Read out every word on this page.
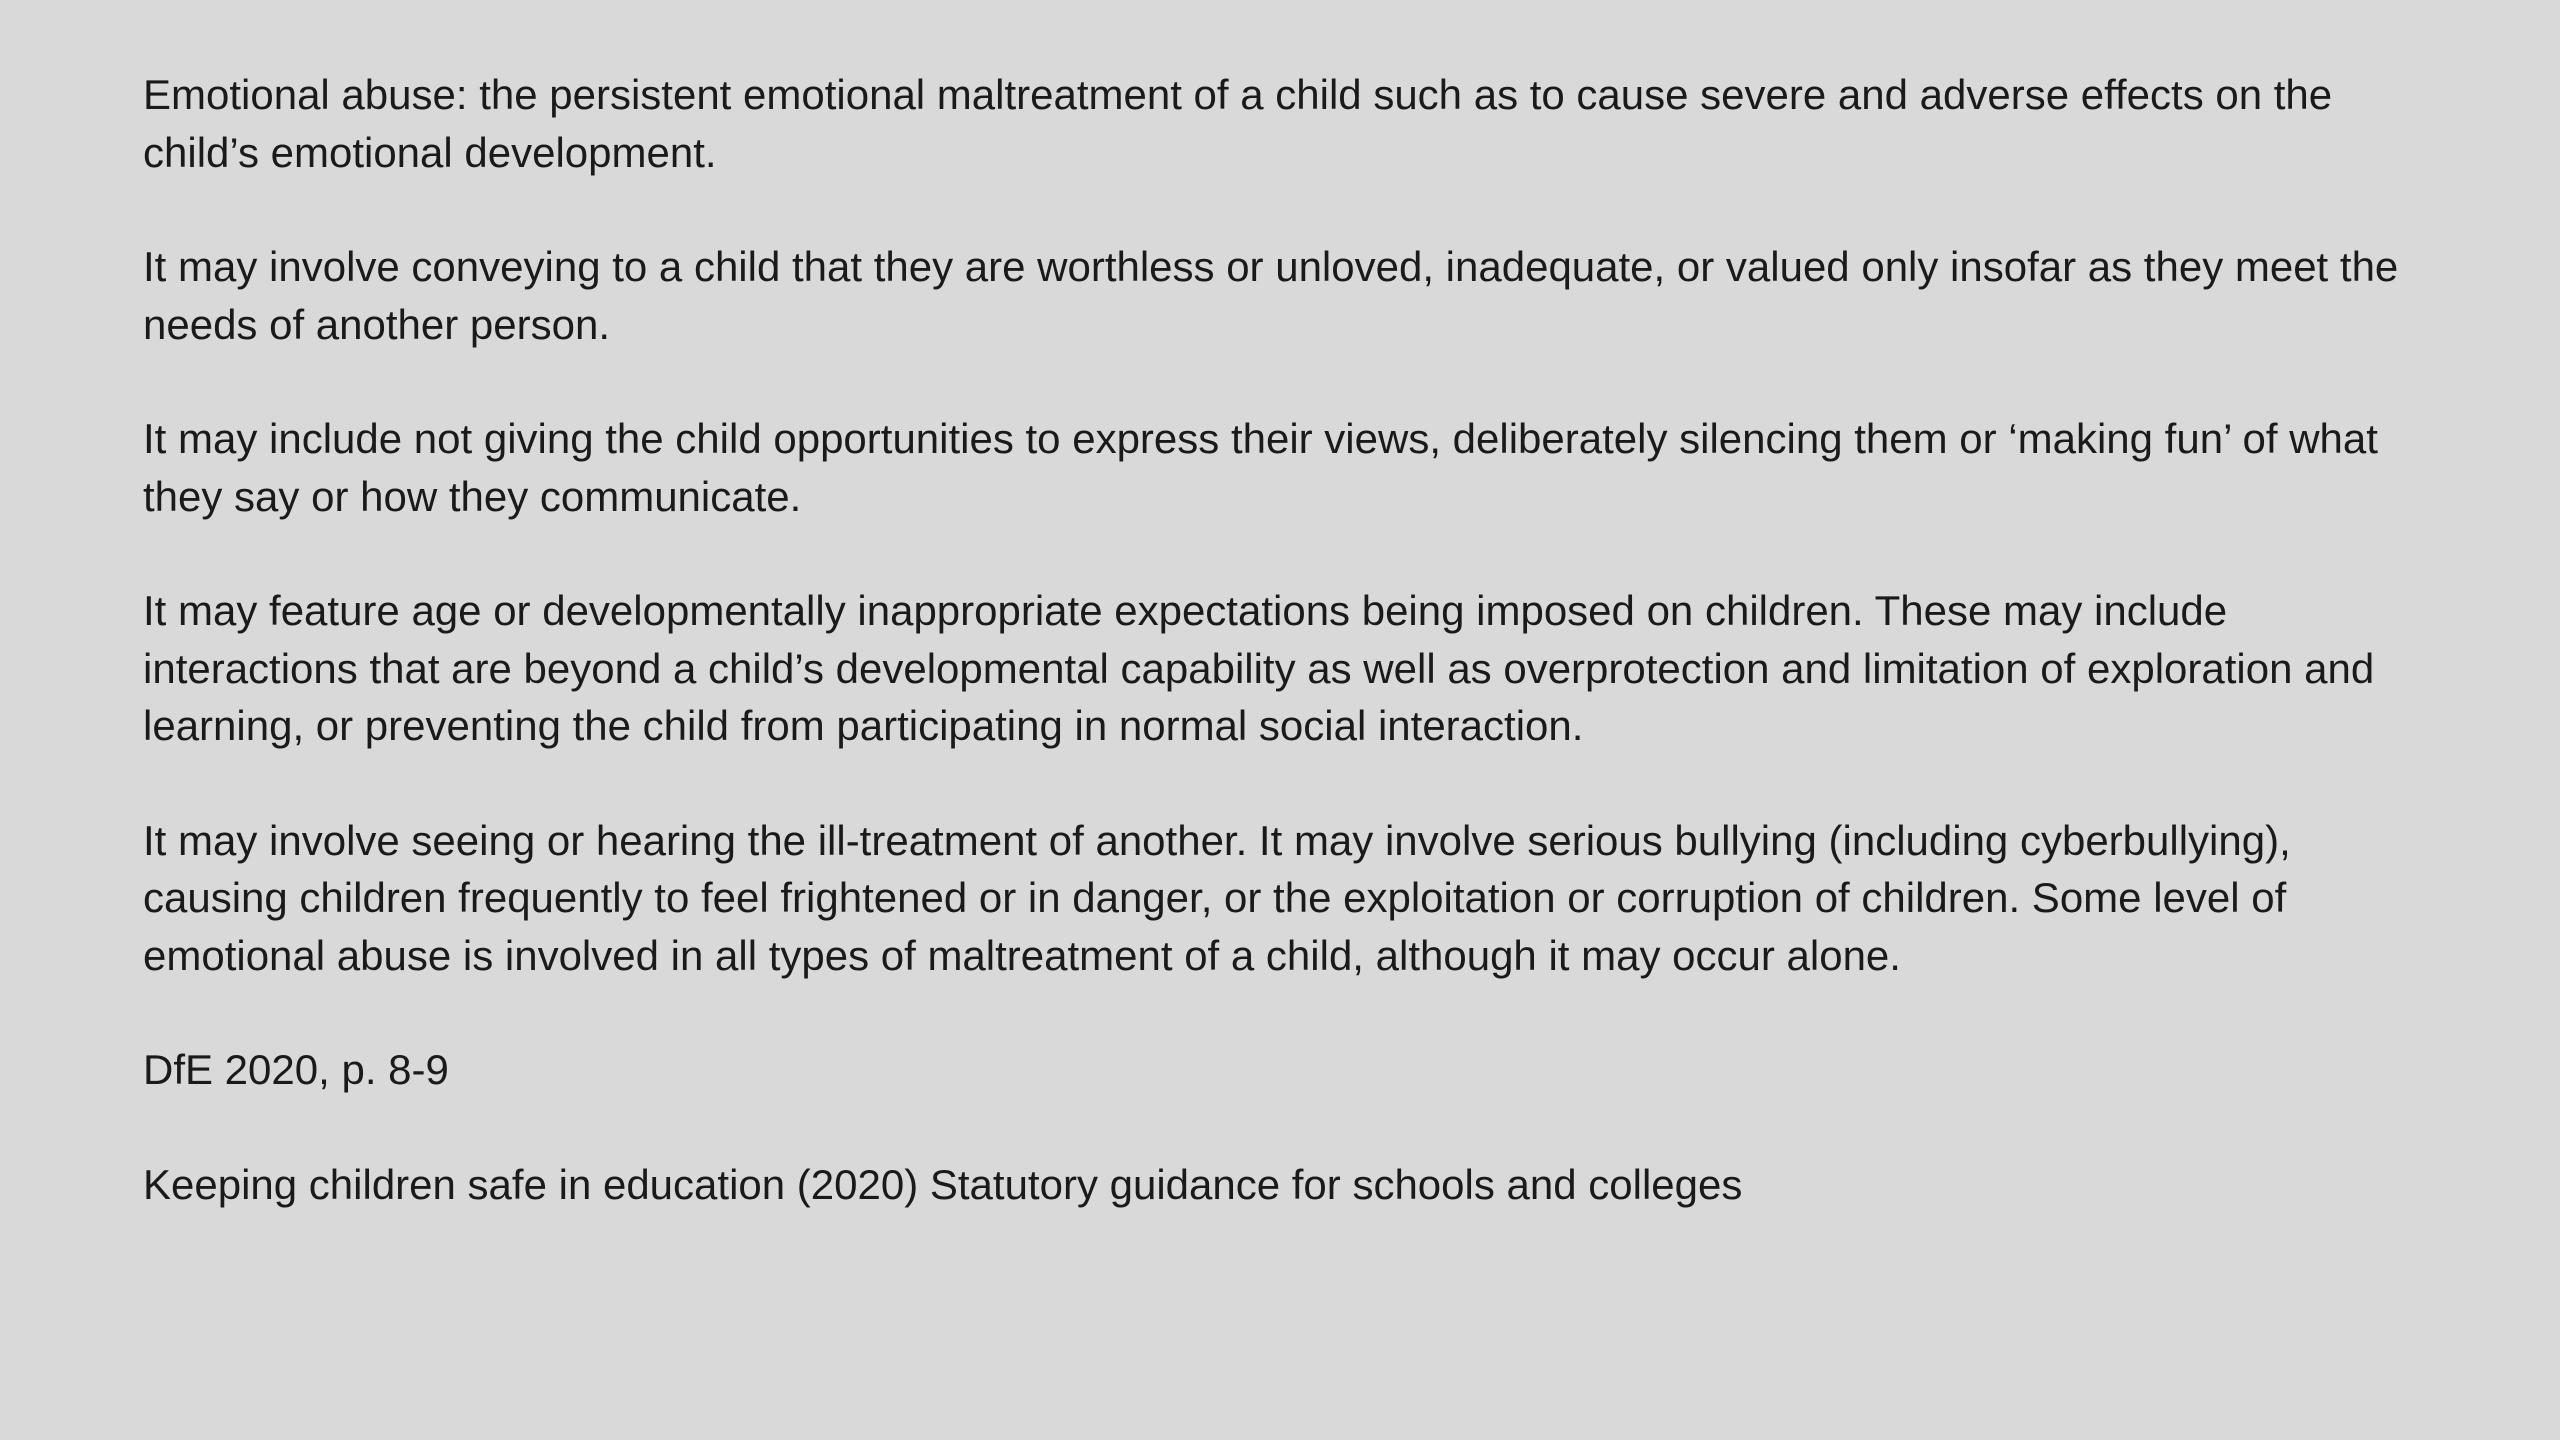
Emotional abuse: the persistent emotional maltreatment of a child such as to cause severe and adverse effects on the child’s emotional development.

It may involve conveying to a child that they are worthless or unloved, inadequate, or valued only insofar as they meet the needs of another person.

It may include not giving the child opportunities to express their views, deliberately silencing them or ‘making fun’ of what they say or how they communicate.

It may feature age or developmentally inappropriate expectations being imposed on children. These may include interactions that are beyond a child’s developmental capability as well as overprotection and limitation of exploration and learning, or preventing the child from participating in normal social interaction.

It may involve seeing or hearing the ill-treatment of another. It may involve serious bullying (including cyberbullying), causing children frequently to feel frightened or in danger, or the exploitation or corruption of children. Some level of emotional abuse is involved in all types of maltreatment of a child, although it may occur alone.

DfE 2020, p. 8-9

Keeping children safe in education (2020) Statutory guidance for schools and colleges
